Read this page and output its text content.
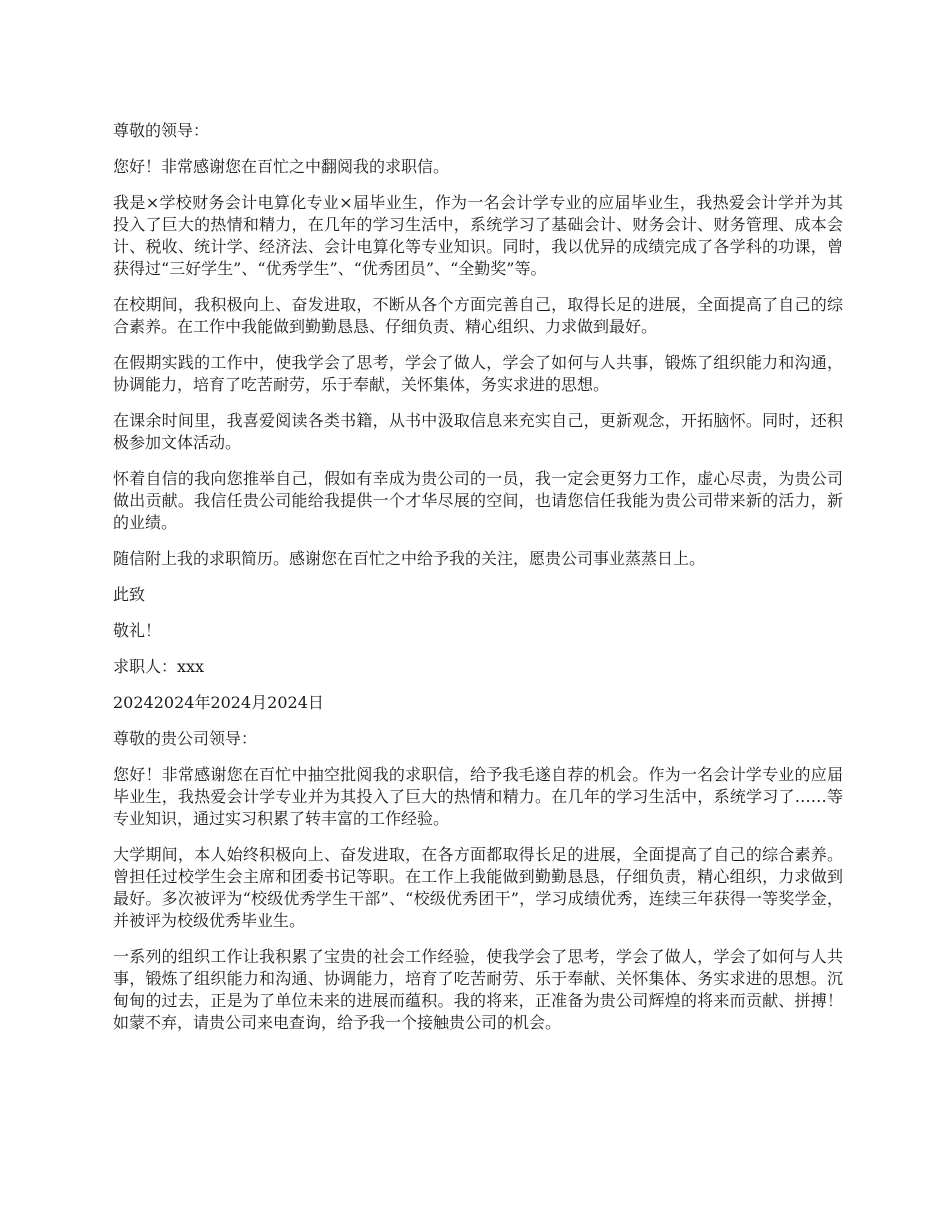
尊敬的领导：

您好！非常感谢您在百忙之中翻阅我的求职信。

我是×学校财务会计电算化专业×届毕业生，作为一名会计学专业的应届毕业生，我热爱会计学并为其投入了巨大的热情和精力，在几年的学习生活中，系统学习了基础会计、财务会计、财务管理、成本会计、税收、统计学、经济法、会计电算化等专业知识。同时，我以优异的成绩完成了各学科的功课，曾获得过“三好学生”、“优秀学生”、“优秀团员”、“全勤奖”等。

在校期间，我积极向上、奋发进取，不断从各个方面完善自己，取得长足的进展，全面提高了自己的综合素养。在工作中我能做到勤勤恳恳、仔细负责、精心组织、力求做到最好。

在假期实践的工作中，使我学会了思考，学会了做人，学会了如何与人共事，锻炼了组织能力和沟通，协调能力，培育了吃苦耐劳，乐于奉献，关怀集体，务实求进的思想。

在课余时间里，我喜爱阅读各类书籍，从书中汲取信息来充实自己，更新观念，开拓脑怀。同时，还积极参加文体活动。

怀着自信的我向您推举自己，假如有幸成为贵公司的一员，我一定会更努力工作，虚心尽责，为贵公司做出贡献。我信任贵公司能给我提供一个才华尽展的空间，也请您信任我能为贵公司带来新的活力，新的业绩。

随信附上我的求职简历。感谢您在百忙之中给予我的关注，愿贵公司事业蒸蒸日上。

此致

敬礼！

求职人：xxx

20242024年2024月2024日

尊敬的贵公司领导：

您好！非常感谢您在百忙中抽空批阅我的求职信，给予我毛遂自荐的机会。作为一名会计学专业的应届毕业生，我热爱会计学专业并为其投入了巨大的热情和精力。在几年的学习生活中，系统学习了……等专业知识，通过实习积累了转丰富的工作经验。

大学期间，本人始终积极向上、奋发进取，在各方面都取得长足的进展，全面提高了自己的综合素养。曾担任过校学生会主席和团委书记等职。在工作上我能做到勤勤恳恳，仔细负责，精心组织，力求做到最好。多次被评为“校级优秀学生干部”、“校级优秀团干”，学习成绩优秀，连续三年获得一等奖学金，并被评为校级优秀毕业生。

一系列的组织工作让我积累了宝贵的社会工作经验，使我学会了思考，学会了做人，学会了如何与人共事，锻炼了组织能力和沟通、协调能力，培育了吃苦耐劳、乐于奉献、关怀集体、务实求进的思想。沉甸甸的过去，正是为了单位未来的进展而蕴积。我的将来，正准备为贵公司辉煌的将来而贡献、拼搏！如蒙不弃，请贵公司来电查询，给予我一个接触贵公司的机会。
